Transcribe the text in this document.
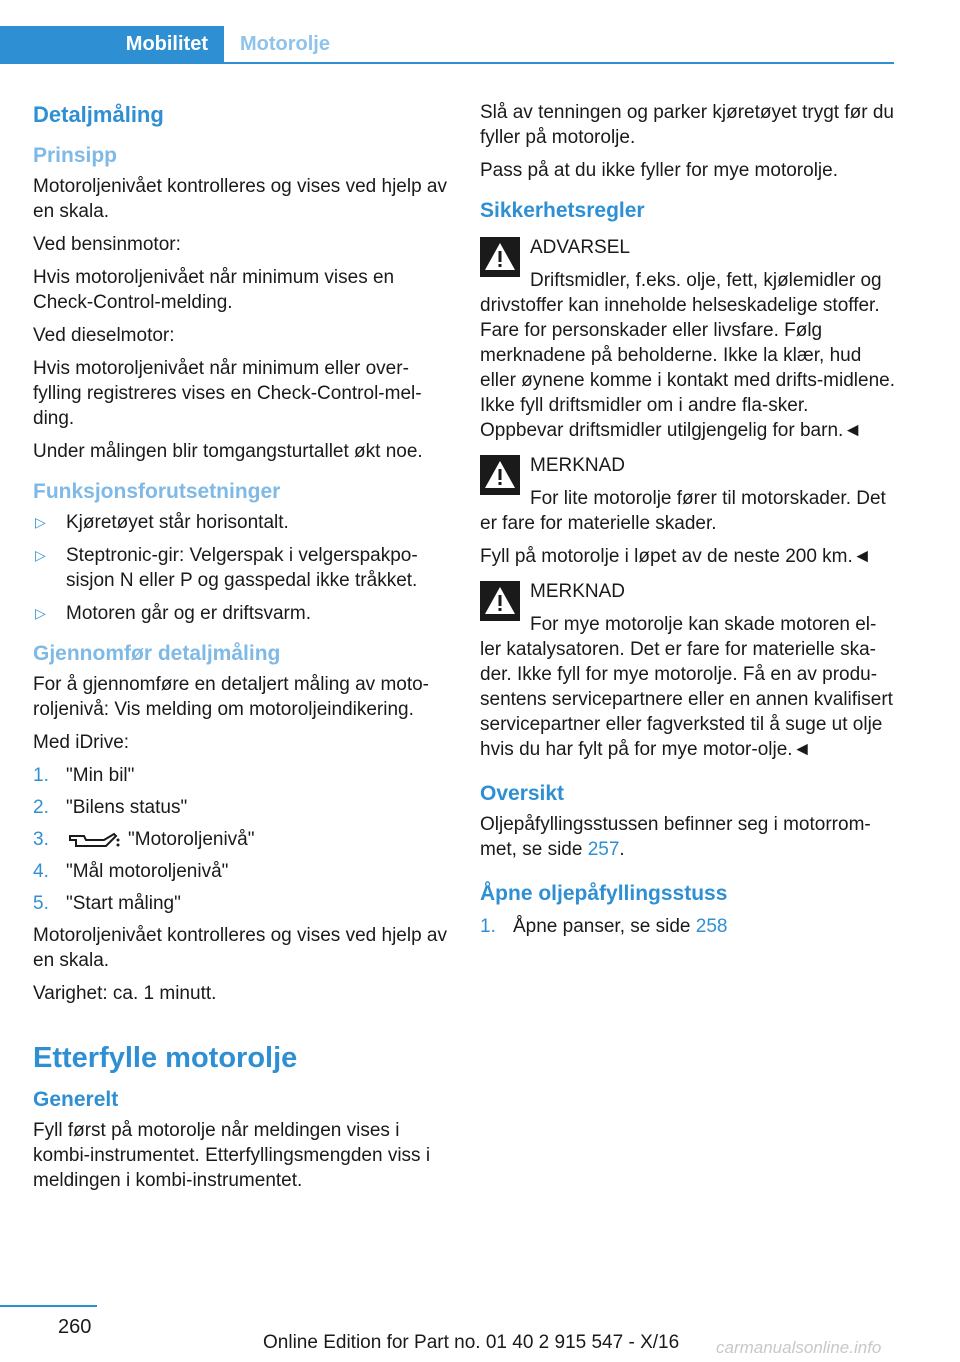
Mobilitet	Motorolje
Detaljmåling
Prinsipp

Motoroljenivået kontrolleres og vises ved hjelp av en skala.

Ved bensinmotor:

Hvis motoroljenivået når minimum vises en Check-Control-melding.

Ved dieselmotor:

Hvis motoroljenivået når minimum eller over-fylling registreres vises en Check-Control-mel-ding.

Under målingen blir tomgangsturtallet økt noe.

Funksjonsforutsetninger
▷ Kjøretøyet står horisontalt.
▷ Steptronic-gir: Velgerspak i velgerspakpo-sisjon N eller P og gasspedal ikke tråkket.
▷ Motoren går og er driftsvarm.
Gjennomfør detaljmåling

For å gjennomføre en detaljert måling av moto-roljenivå: Vis melding om motoroljeindikering.

Med iDrive:

1. "Min bil"
2. "Bilens status"
3.	"Motoroljenivå"
4. "Mål motoroljenivå"
5. "Start måling"

Motoroljenivået kontrolleres og vises ved hjelp av en skala.

Varighet: ca. 1 minutt.

Etterfylle motorolje
Generelt

Fyll først på motorolje når meldingen vises i kombi-instrumentet. Etterfyllingsmengden viss i meldingen i kombi-instrumentet.

Slå av tenningen og parker kjøretøyet trygt før du fyller på motorolje.

Pass på at du ikke fyller for mye motorolje.

Sikkerhetsregler
ADVARSEL

Driftsmidler, f.eks. olje, fett, kjølemidler og drivstoffer kan inneholde helseskadelige stoffer. Fare for personskader eller livsfare. Følg merknadene på beholderne. Ikke la klær, hud eller øynene komme i kontakt med drifts-midlene. Ikke fyll driftsmidler om i andre fla-sker. Oppbevar driftsmidler utilgjengelig for barn.◄

MERKNAD

For lite motorolje fører til motorskader. Det er fare for materielle skader.

Fyll på motorolje i løpet av de neste 200 km.◄

MERKNAD

For mye motorolje kan skade motoren el-ler katalysatoren. Det er fare for materielle ska-der. Ikke fyll for mye motorolje. Få en av produ-sentens servicepartnere eller en annen kvalifisert servicepartner eller fagverksted til å suge ut olje hvis du har fylt på for mye motor-olje.◄

Oversikt

Oljepåfyllingsstussen befinner seg i motorrom-met, se side 257.

Åpne oljepåfyllingsstuss
1. Åpne panser, se side 258
260
Online Edition for Part no. 01 40 2 915 547 - X/16 carmanualsonline.info
